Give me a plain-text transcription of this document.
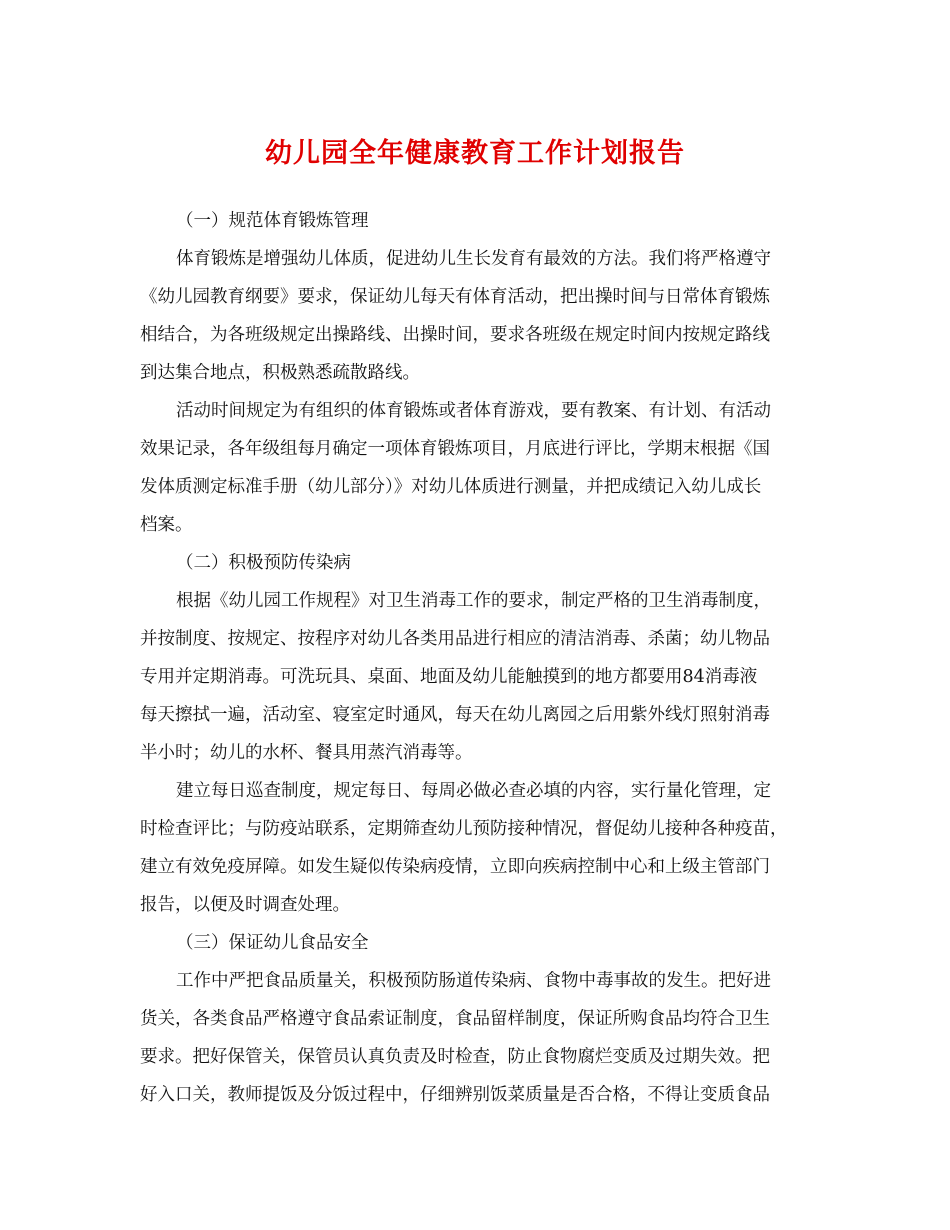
幼儿园全年健康教育工作计划报告

（一）规范体育锻炼管理

体育锻炼是增强幼儿体质，促进幼儿生长发育有最效的方法。我们将严格遵守

《幼儿园教育纲要》要求，保证幼儿每天有体育活动，把出操时间与日常体育锻炼

相结合，为各班级规定出操路线、出操时间，要求各班级在规定时间内按规定路线

到达集合地点，积极熟悉疏散路线。

活动时间规定为有组织的体育锻炼或者体育游戏，要有教案、有计划、有活动

效果记录，各年级组每月确定一项体育锻炼项目，月底进行评比，学期末根据《国

发体质测定标准手册（幼儿部分）》对幼儿体质进行测量，并把成绩记入幼儿成长

档案。

（二）积极预防传染病

根据《幼儿园工作规程》对卫生消毒工作的要求，制定严格的卫生消毒制度，

并按制度、按规定、按程序对幼儿各类用品进行相应的清洁消毒、杀菌；幼儿物品

专用并定期消毒。可洗玩具、桌面、地面及幼儿能触摸到的地方都要用84消毒液

每天擦拭一遍，活动室、寝室定时通风，每天在幼儿离园之后用紫外线灯照射消毒

半小时；幼儿的水杯、餐具用蒸汽消毒等。

建立每日巡查制度，规定每日、每周必做必查必填的内容，实行量化管理，定

时检查评比；与防疫站联系，定期筛查幼儿预防接种情况，督促幼儿接种各种疫苗，

建立有效免疫屏障。如发生疑似传染病疫情，立即向疾病控制中心和上级主管部门

报告，以便及时调查处理。

（三）保证幼儿食品安全

工作中严把食品质量关，积极预防肠道传染病、食物中毒事故的发生。把好进

货关，各类食品严格遵守食品索证制度，食品留样制度，保证所购食品均符合卫生

要求。把好保管关，保管员认真负责及时检查，防止食物腐烂变质及过期失效。把

好入口关，教师提饭及分饭过程中，仔细辨别饭菜质量是否合格，不得让变质食品
